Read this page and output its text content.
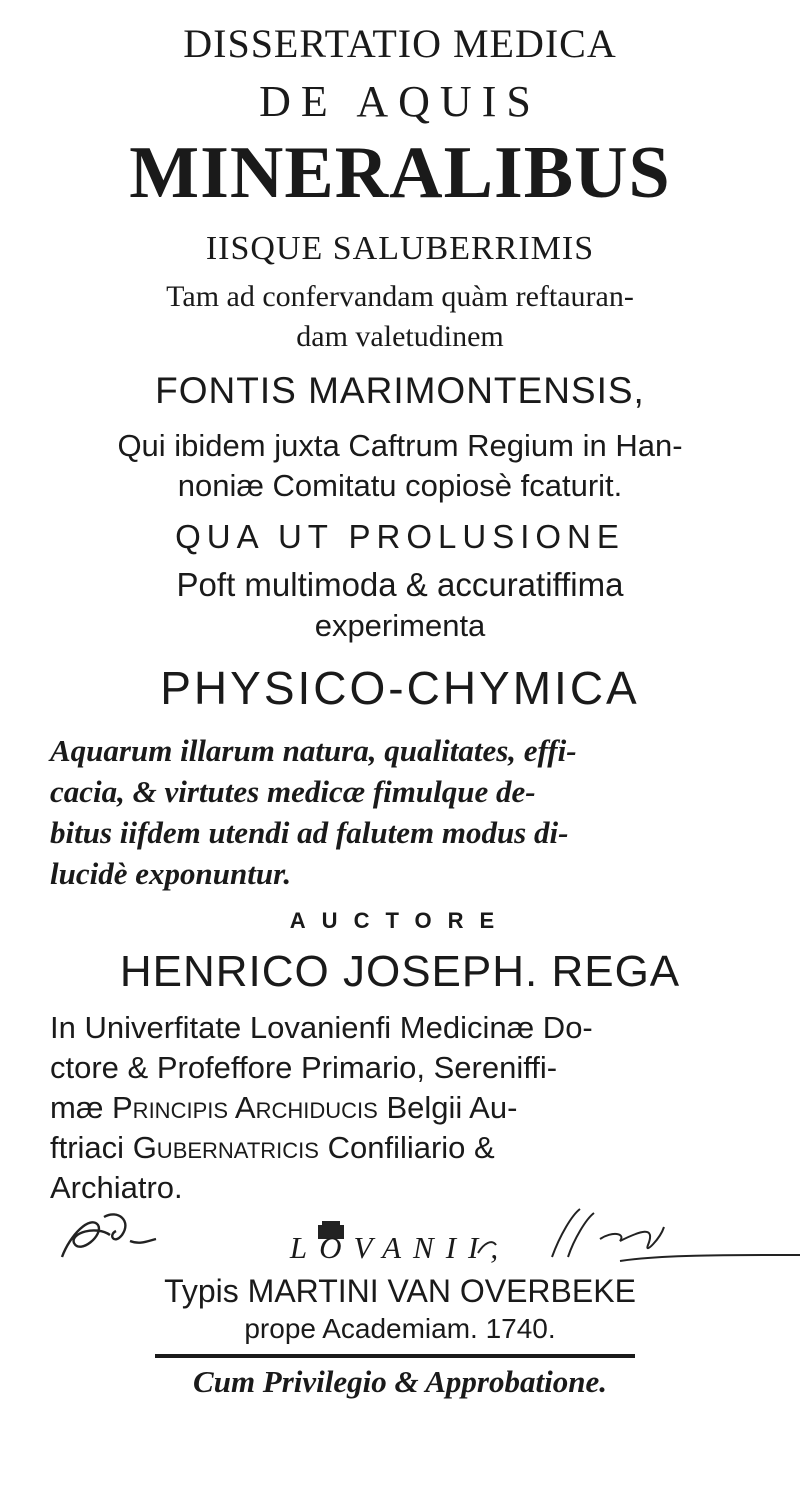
DISSERTATIO MEDICA
DE AQUIS
MINERALIBUS
IISQUE SALUBERRIMIS
Tam ad confervandam quàm reftauran-
dam valetudinem
FONTIS MARIMONTENSIS,
Qui ibidem juxta Caftrum Regium in Han-
noniæ Comitatu copiosè fcaturit.
QUA UT PROLUSIONE
Poft multimoda & accuratiffima
experimenta
PHYSICO-CHYMICA
Aquarum illarum natura, qualitates, effi-
cacia, & virtutes medicæ fimulque de-
bitus iifdem utendi ad falutem modus di-
lucidè exponuntur.
AUCTORE
HENRICO JOSEPH. REGA
In Univerfitate Lovanienfi Medicinæ Do-
ctore & Profeffore Primario, Sereniffi-
mæ Principis Archiducis Belgii Au-
ftriaci Gubernatricis Confiliario &
Archiatro.
LOVANII,
Typis MARTINI VAN OVERBEKE
prope Academiam. 1740.
Cum Privilegio & Approbatione.
